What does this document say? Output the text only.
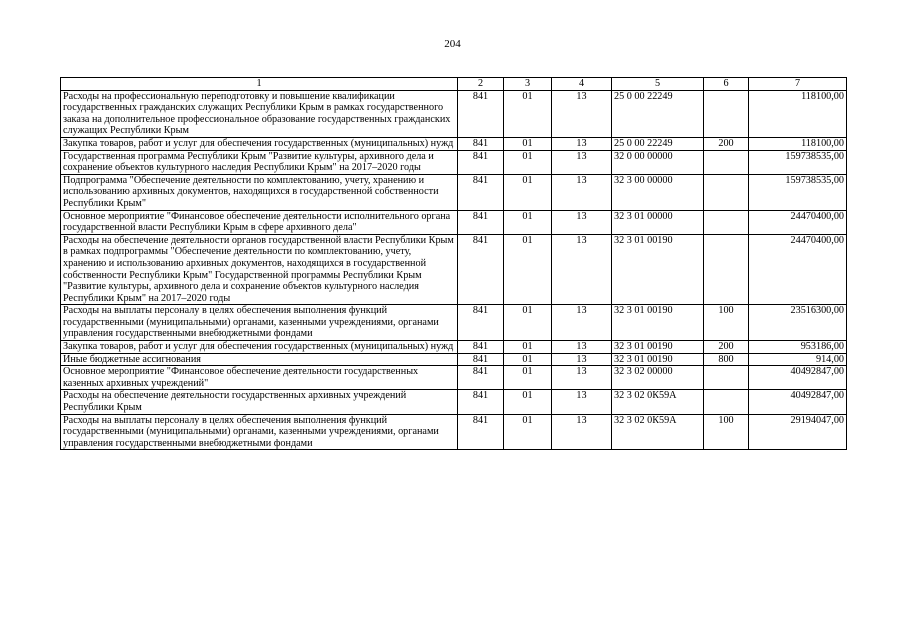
204
1	2	3	4	5	6	7
Расходы на профессиональную переподготовку и повышение квалификации государственных гражданских служащих Республики Крым в рамках государственного заказа на дополнительное профессиональное образование государственных гражданских служащих Республики Крым	841	01	13	25 0 00 22249		118100,00
Закупка товаров, работ и услуг для обеспечения государственных (муниципальных) нужд	841	01	13	25 0 00 22249	200	118100,00
Государственная программа Республики Крым "Развитие культуры, архивного дела и сохранение объектов культурного наследия Республики Крым" на 2017–2020 годы	841	01	13	32 0 00 00000		159738535,00
Подпрограмма "Обеспечение деятельности по комплектованию, учету, хранению и использованию архивных документов, находящихся в государственной собственности Республики Крым"	841	01	13	32 3 00 00000		159738535,00
Основное мероприятие "Финансовое обеспечение деятельности исполнительного органа государственной власти Республики Крым в сфере архивного дела"	841	01	13	32 3 01 00000		24470400,00
Расходы на обеспечение деятельности органов государственной власти Республики Крым в рамках подпрограммы "Обеспечение деятельности по комплектованию, учету, хранению и использованию архивных документов, находящихся в государственной собственности Республики Крым" Государственной программы Республики Крым "Развитие культуры, архивного дела и сохранение объектов культурного наследия Республики Крым" на 2017–2020 годы	841	01	13	32 3 01 00190		24470400,00
Расходы на выплаты персоналу в целях обеспечения выполнения функций государственными (муниципальными) органами, казенными учреждениями, органами управления государственными внебюджетными фондами	841	01	13	32 3 01 00190	100	23516300,00
Закупка товаров, работ и услуг для обеспечения государственных (муниципальных) нужд	841	01	13	32 3 01 00190	200	953186,00
Иные бюджетные ассигнования	841	01	13	32 3 01 00190	800	914,00
Основное мероприятие "Финансовое обеспечение деятельности государственных казенных архивных учреждений"	841	01	13	32 3 02 00000		40492847,00
Расходы на обеспечение деятельности государственных архивных учреждений Республики Крым	841	01	13	32 3 02 0К59А		40492847,00
Расходы на выплаты персоналу в целях обеспечения выполнения функций государственными (муниципальными) органами, казенными учреждениями, органами управления государственными внебюджетными фондами	841	01	13	32 3 02 0К59А	100	29194047,00
